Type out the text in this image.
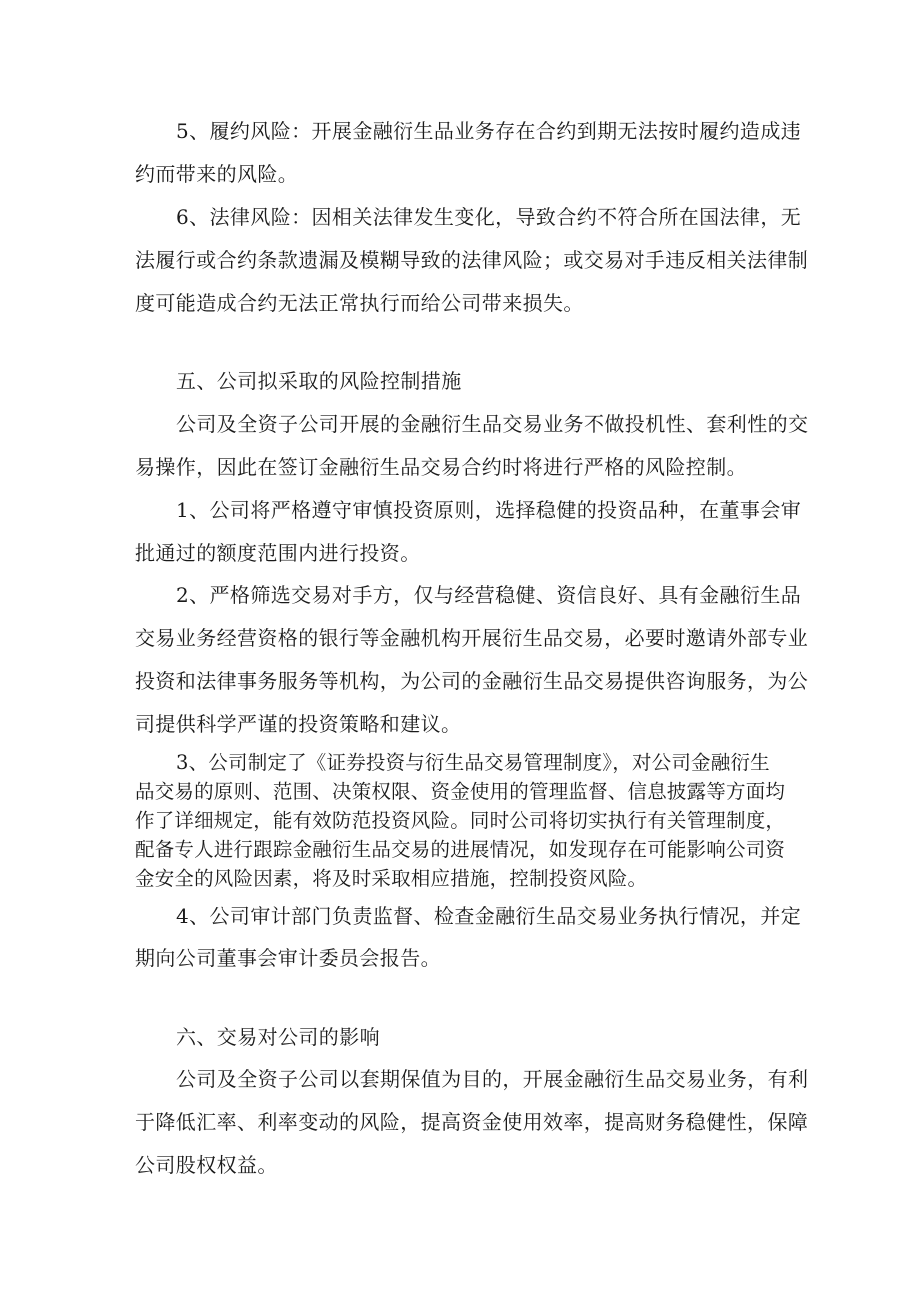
5、履约风险：开展金融衍生品业务存在合约到期无法按时履约造成违
约而带来的风险。
6、法律风险：因相关法律发生变化，导致合约不符合所在国法律，无
法履行或合约条款遗漏及模糊导致的法律风险；或交易对手违反相关法律制
度可能造成合约无法正常执行而给公司带来损失。
五、公司拟采取的风险控制措施
公司及全资子公司开展的金融衍生品交易业务不做投机性、套利性的交
易操作，因此在签订金融衍生品交易合约时将进行严格的风险控制。
1、公司将严格遵守审慎投资原则，选择稳健的投资品种，在董事会审
批通过的额度范围内进行投资。
2、严格筛选交易对手方，仅与经营稳健、资信良好、具有金融衍生品
交易业务经营资格的银行等金融机构开展衍生品交易，必要时邀请外部专业
投资和法律事务服务等机构，为公司的金融衍生品交易提供咨询服务，为公
司提供科学严谨的投资策略和建议。
3、公司制定了《证券投资与衍生品交易管理制度》，对公司金融衍生
品交易的原则、范围、决策权限、资金使用的管理监督、信息披露等方面均
作了详细规定，能有效防范投资风险。同时公司将切实执行有关管理制度，
配备专人进行跟踪金融衍生品交易的进展情况，如发现存在可能影响公司资
金安全的风险因素，将及时采取相应措施，控制投资风险。
4、公司审计部门负责监督、检查金融衍生品交易业务执行情况，并定
期向公司董事会审计委员会报告。
六、交易对公司的影响
公司及全资子公司以套期保值为目的，开展金融衍生品交易业务，有利
于降低汇率、利率变动的风险，提高资金使用效率，提高财务稳健性，保障
公司股权权益。
